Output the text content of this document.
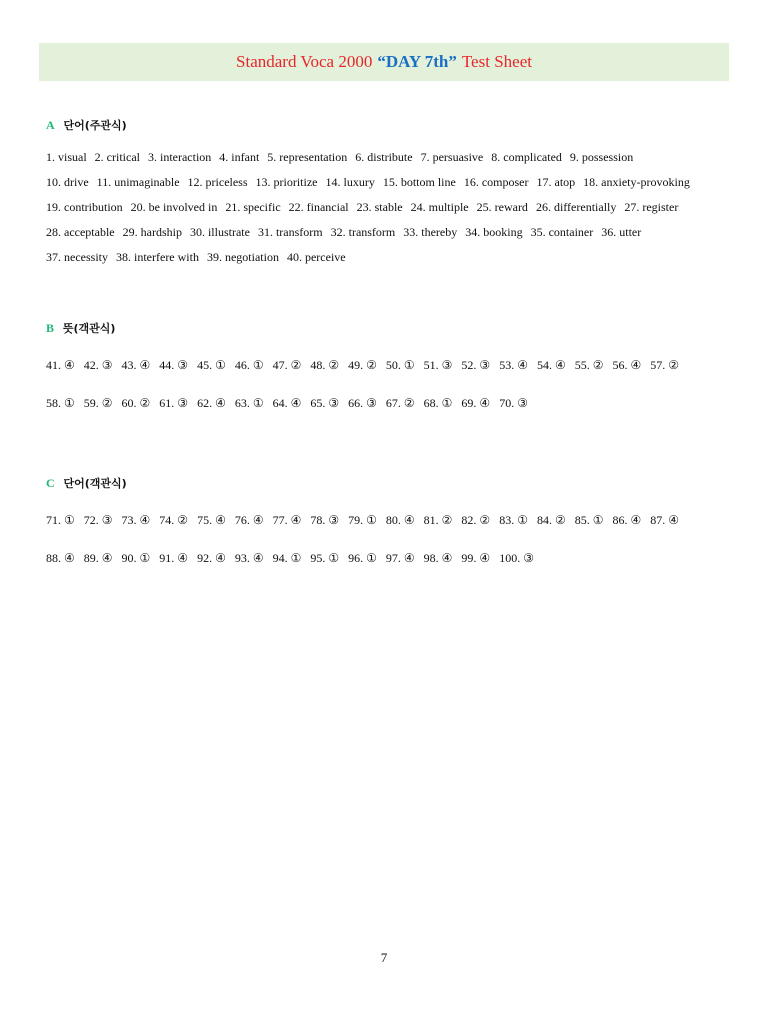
Standard Voca 2000 “DAY 7th” Test Sheet
A 단어(주관식)
1. visual 2. critical 3. interaction 4. infant 5. representation 6. distribute 7. persuasive 8. complicated 9. possession
10. drive 11. unimaginable 12. priceless 13. prioritize 14. luxury 15. bottom line 16. composer 17. atop 18. anxiety-provoking
19. contribution 20. be involved in 21. specific 22. financial 23. stable 24. multiple 25. reward 26. differentially 27. register
28. acceptable 29. hardship 30. illustrate 31. transform 32. transform 33. thereby 34. booking 35. container 36. utter
37. necessity 38. interfere with 39. negotiation 40. perceive
B 뜻(객관식)
41. ④ 42. ③ 43. ④ 44. ③ 45. ① 46. ① 47. ② 48. ② 49. ② 50. ① 51. ③ 52. ③ 53. ④ 54. ④ 55. ② 56. ④ 57. ②
58. ① 59. ② 60. ② 61. ③ 62. ④ 63. ① 64. ④ 65. ③ 66. ③ 67. ② 68. ① 69. ④ 70. ③
C 단어(객관식)
71. ① 72. ③ 73. ④ 74. ② 75. ④ 76. ④ 77. ④ 78. ③ 79. ① 80. ④ 81. ② 82. ② 83. ① 84. ② 85. ① 86. ④ 87. ④
88. ④ 89. ④ 90. ① 91. ④ 92. ④ 93. ④ 94. ① 95. ① 96. ① 97. ④ 98. ④ 99. ④ 100. ③
7
